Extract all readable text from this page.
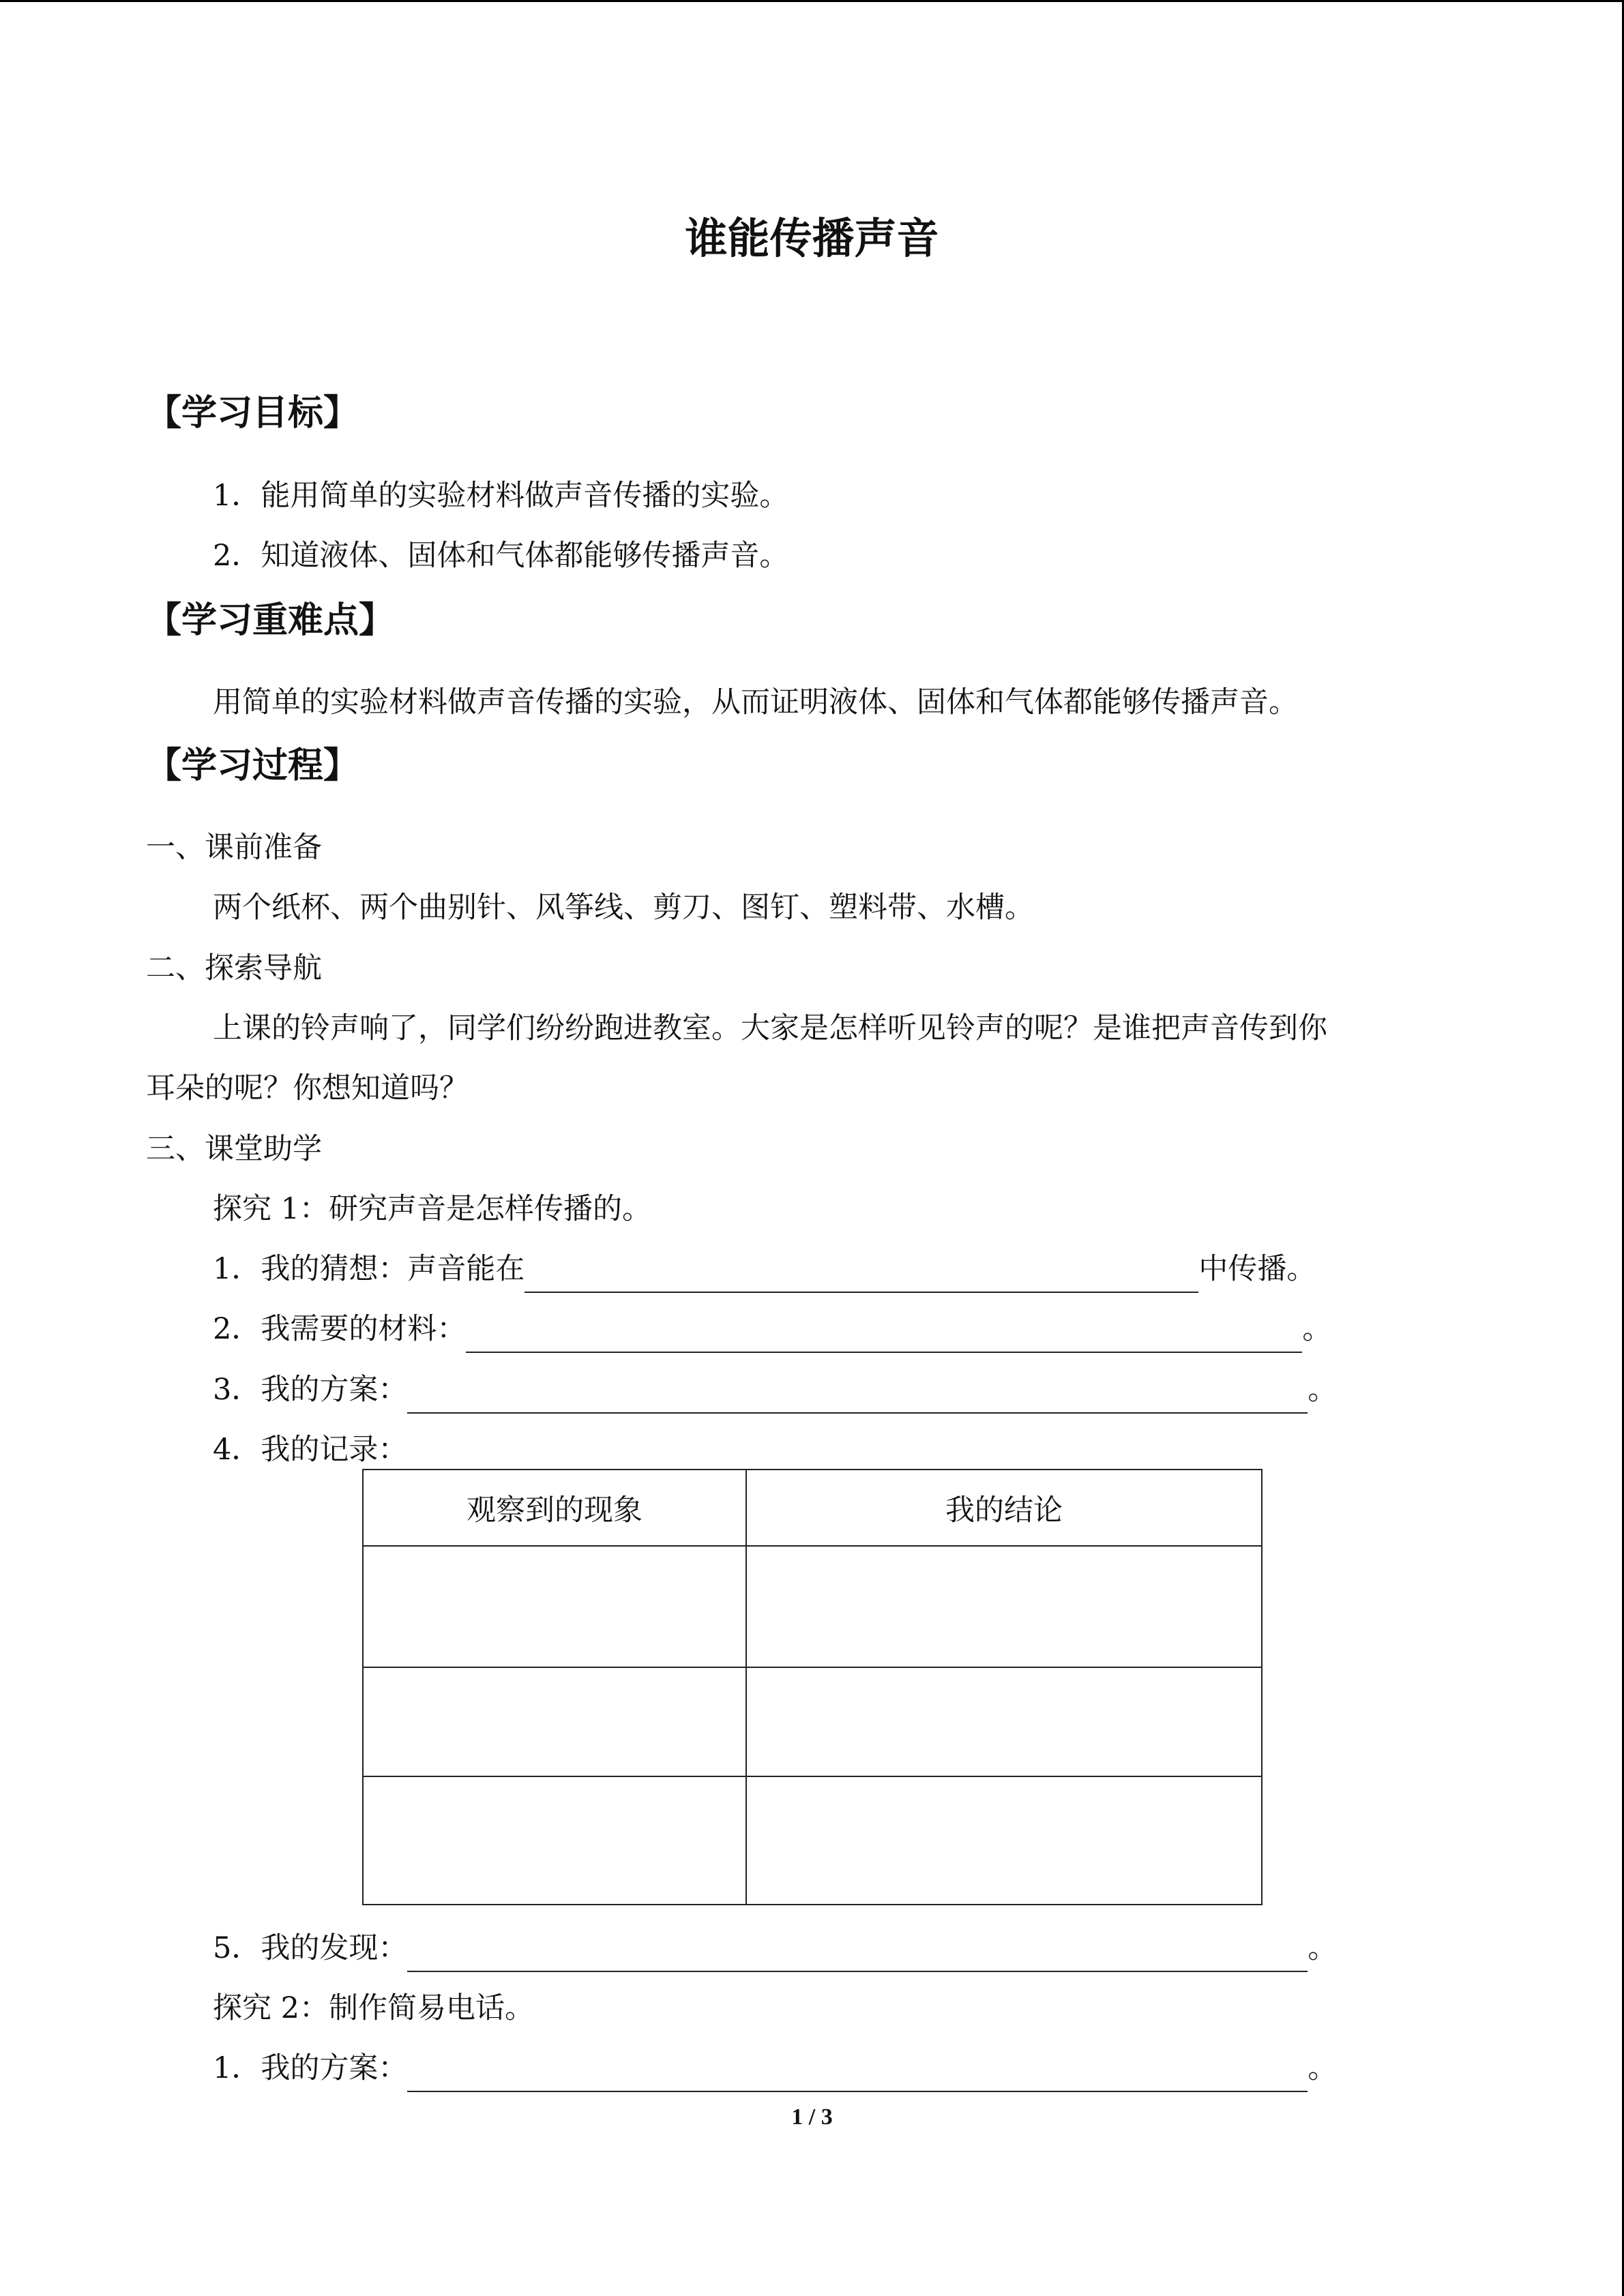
谁能传播声音
【学习目标】
1．能用简单的实验材料做声音传播的实验。
2．知道液体、固体和气体都能够传播声音。
【学习重难点】
用简单的实验材料做声音传播的实验，从而证明液体、固体和气体都能够传播声音。
【学习过程】
一、课前准备
两个纸杯、两个曲别针、风筝线、剪刀、图钉、塑料带、水槽。
二、探索导航
上课的铃声响了，同学们纷纷跑进教室。大家是怎样听见铃声的呢？是谁把声音传到你
耳朵的呢？你想知道吗？
三、课堂助学
探究 1：研究声音是怎样传播的。
1．我的猜想：声音能在	中传播。
2．我需要的材料：	。
3．我的方案：	。
4．我的记录：
观察到的现象	我的结论

5．我的发现：	。
探究 2：制作简易电话。
1．我的方案：	。
1 / 3
